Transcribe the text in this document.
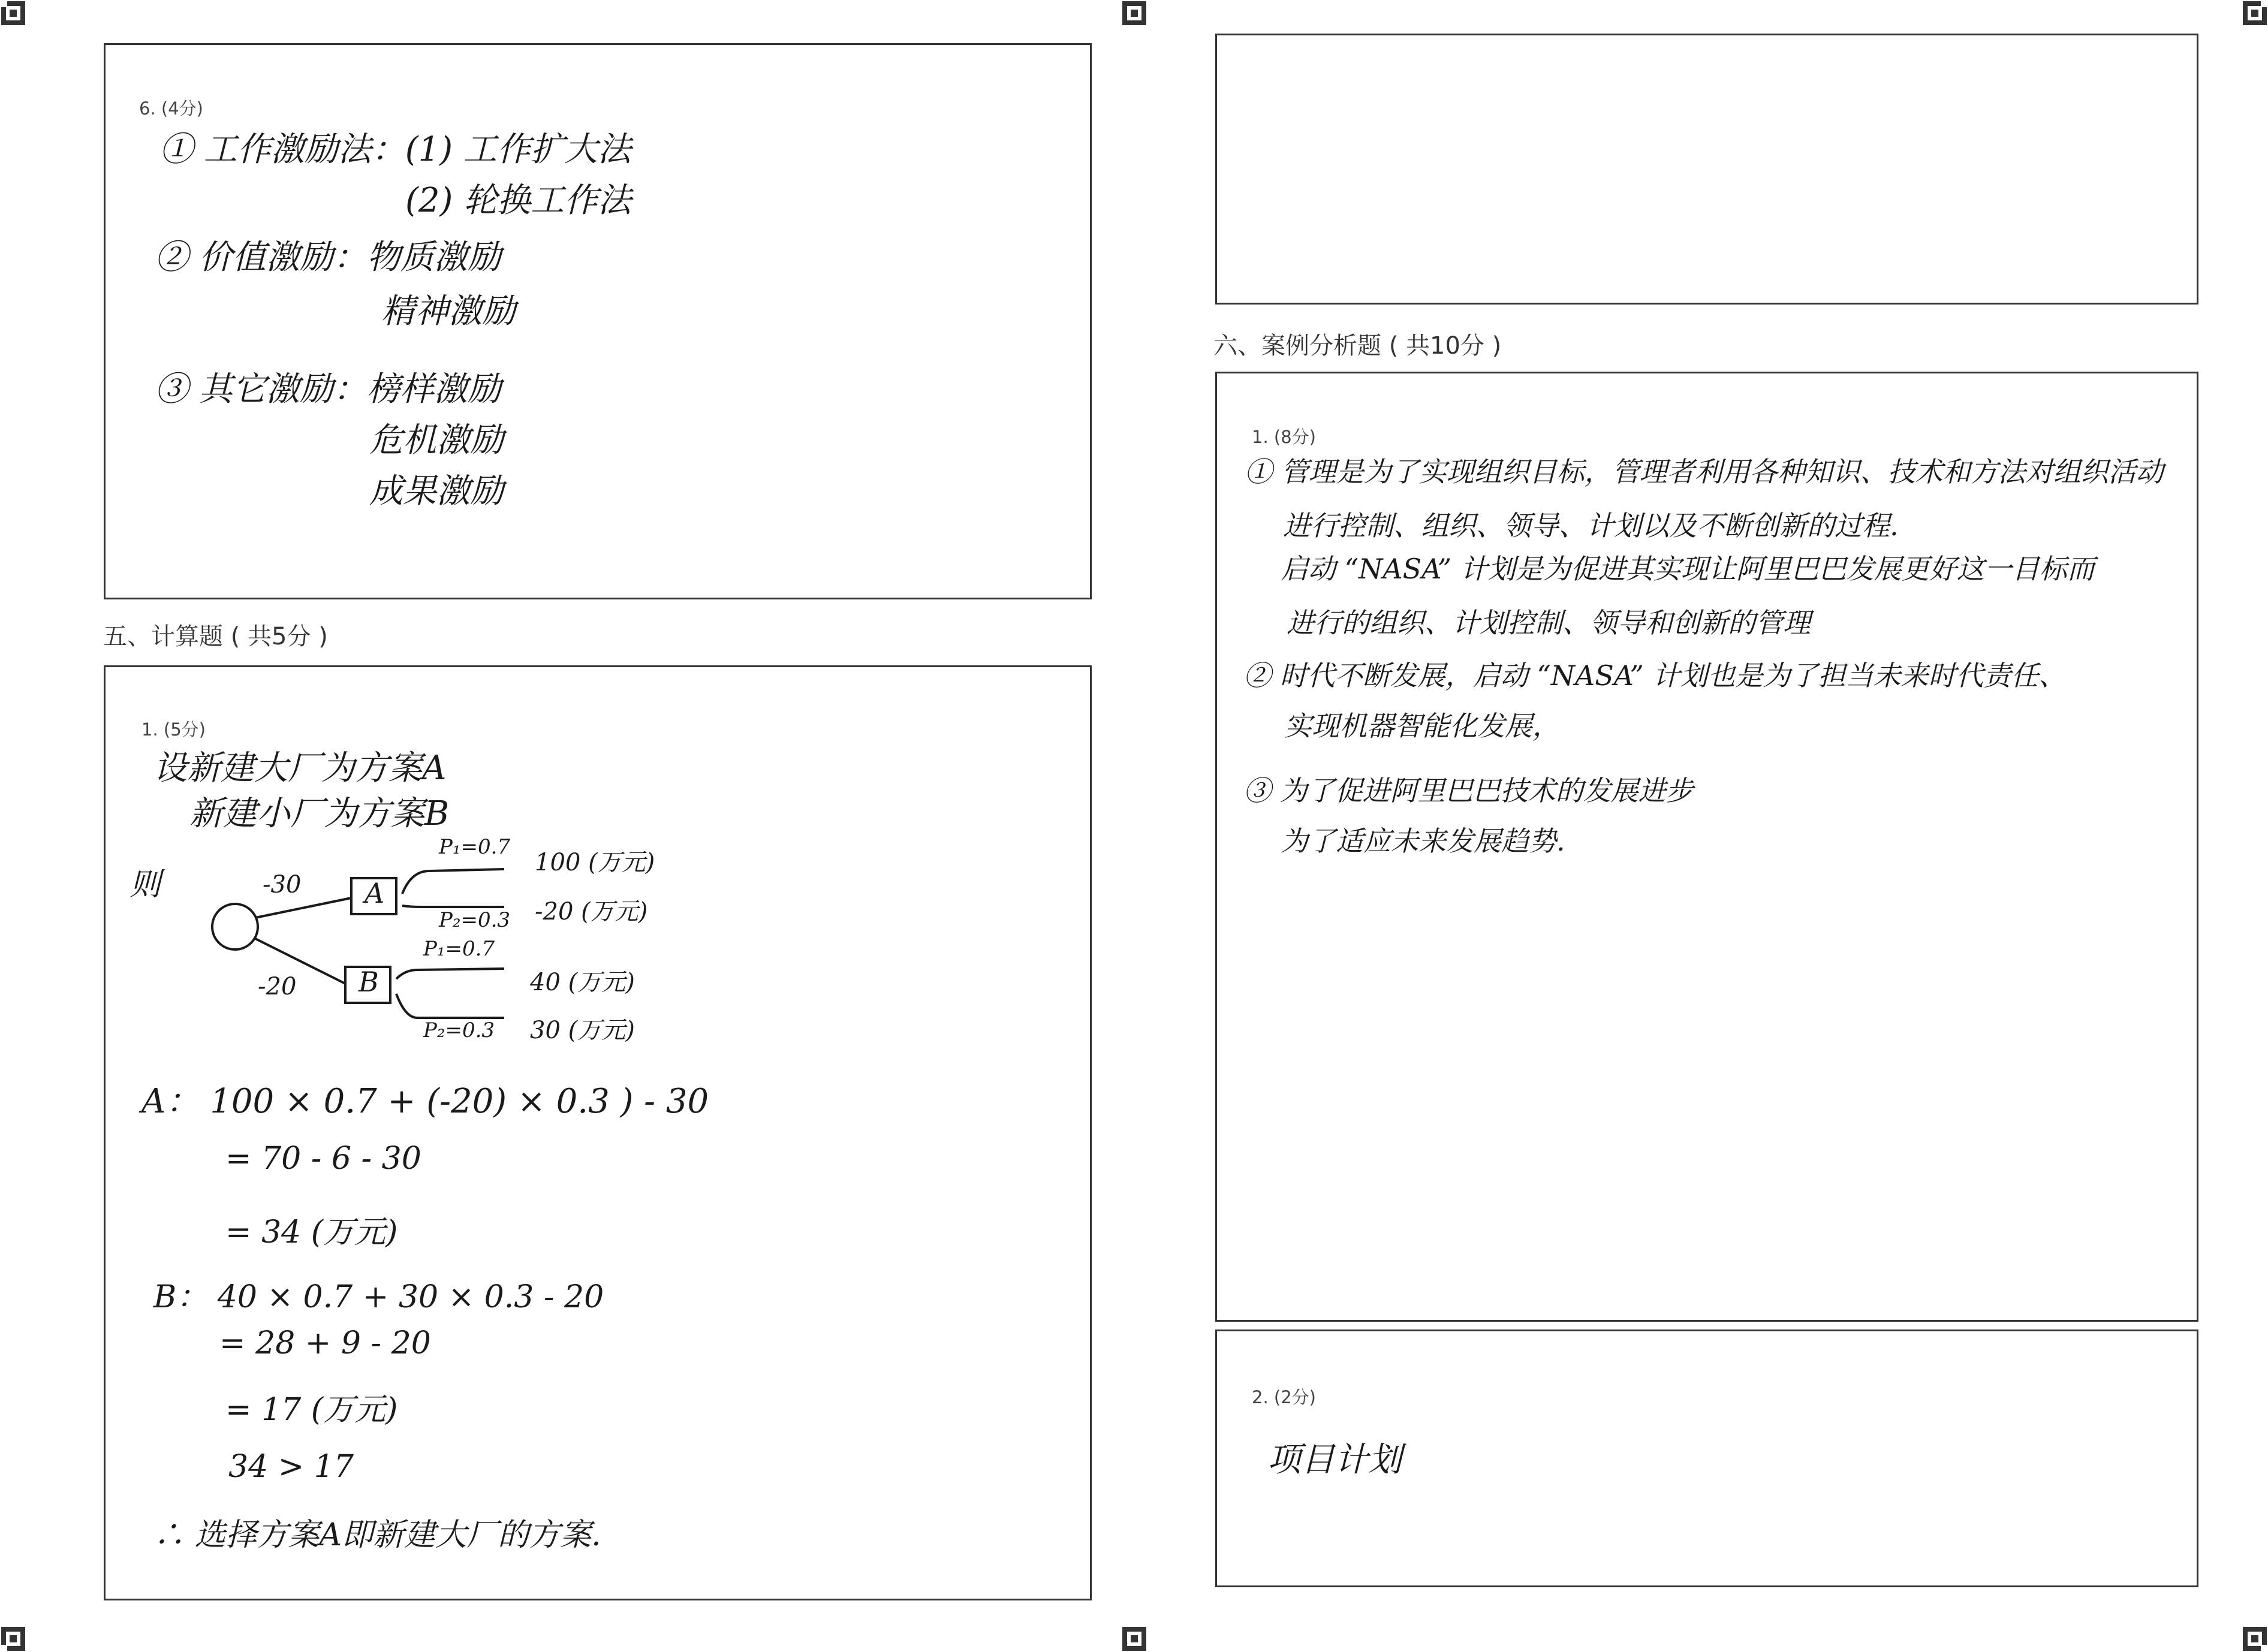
6. (4分)
① 工作激励法：(1) 工作扩大法
(2) 轮换工作法
② 价值激励：物质激励
精神激励
③ 其它激励：榜样激励
危机激励
成果激励
五、计算题 ( 共5分 )
1. (5分)
设新建大厂为方案A
新建小厂为方案B
则	-30
-20
A
B
P₁=0.7
P₂=0.3
100 (万元)
-20 (万元)
P₁=0.7
P₂=0.3
40 (万元)
30 (万元)
A： 100 × 0.7 + (-20) × 0.3 ) - 30
= 70 - 6 - 30
= 34 (万元)
B： 40 × 0.7 + 30 × 0.3 - 20
= 28 + 9 - 20
= 17 (万元)
34 > 17
∴ 选择方案A即新建大厂的方案.
六、案例分析题 ( 共10分 )
1. (8分)
① 管理是为了实现组织目标，管理者利用各种知识、技术和方法对组织活动
进行控制、组织、领导、计划以及不断创新的过程.
启动 “NASA” 计划是为促进其实现让阿里巴巴发展更好这一目标而
进行的组织、计划控制、领导和创新的管理
② 时代不断发展，启动 “NASA” 计划也是为了担当未来时代责任、
实现机器智能化发展，
③ 为了促进阿里巴巴技术的发展进步
为了适应未来发展趋势.
2. (2分)
项目计划
